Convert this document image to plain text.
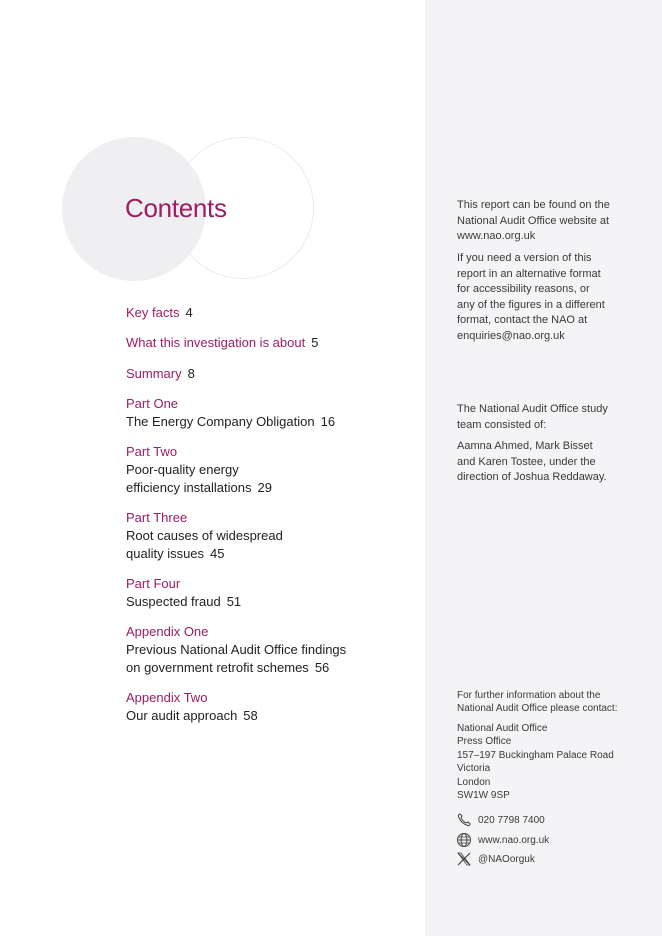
Contents
Key facts 4
What this investigation is about 5
Summary 8
Part One
The Energy Company Obligation 16
Part Two
Poor-quality energy
efficiency installations 29
Part Three
Root causes of widespread
quality issues 45
Part Four
Suspected fraud 51
Appendix One
Previous National Audit Office findings
on government retrofit schemes 56
Appendix Two
Our audit approach 58
This report can be found on the
National Audit Office website at
www.nao.org.uk
If you need a version of this
report in an alternative format
for accessibility reasons, or
any of the figures in a different
format, contact the NAO at
enquiries@nao.org.uk
The National Audit Office study
team consisted of:
Aamna Ahmed, Mark Bisset
and Karen Tostee, under the
direction of Joshua Reddaway.
For further information about the
National Audit Office please contact:
National Audit Office
Press Office
157–197 Buckingham Palace Road
Victoria
London
SW1W 9SP
020 7798 7400
www.nao.org.uk
@NAOorguk
